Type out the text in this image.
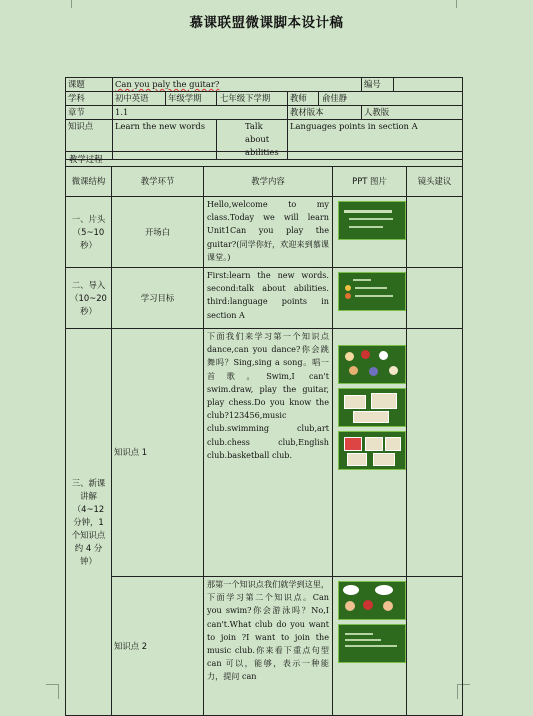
慕课联盟微课脚本设计稿
课题	Can you paly the guitar?					编号	
学科	初中英语	年级学期	七年级下学期	教师	俞佳静		
章节	1.1			教材版本		人教版	
知识点	Learn the new words		Talk about abilities	Languages points in section A			
教学过程
微课结构	教学环节	教学内容	PPT 图片	镜头建议
一、片头（5~10 秒）	开场白	Hello,welcome to my class.Today we will learn Unit1Can you play the guitar?(同学你好，欢迎来到慕课课堂。)	

二、导入（10~20 秒）	学习目标	First:learn the new words. second:talk about abilities. third:language points in section A	

三、新课讲解（4~12 分钟，1 个知识点约 4 分钟）	知识点 1	下面我们来学习第一个知识点 dance,can you dance?你会跳舞吗？Sing,sing a song。唱一首歌。Swim,I can't swim.draw, play the guitar, play chess.Do you know the club?123456,music club.swimming club,art club.chess club,English club.basketball club.	

	知识点 2	那第一个知识点我们就学到这里，下面学习第二个知识点。Can you swim?你会游泳吗？No,I can't.What club do you want to join ?I want to join the music club.你来看下重点句型 can 可以，能够，表示一种能力，提问 can	
